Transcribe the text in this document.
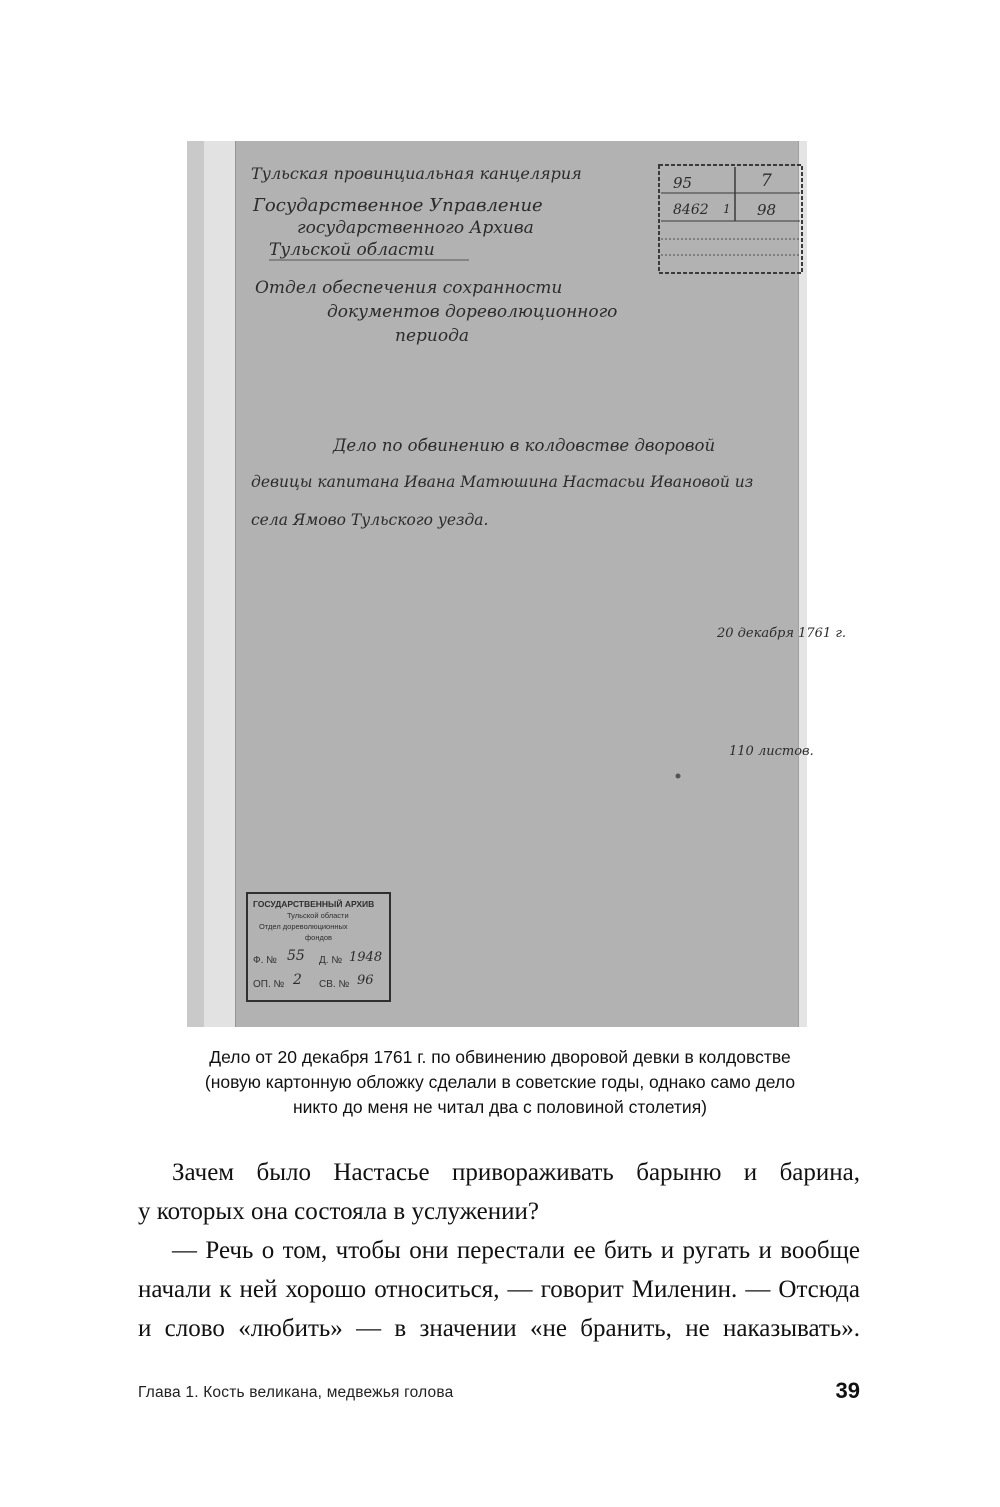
95	7
8462 1 98
Тульская провинциальная канцелярия
Государственное Управление
государственного Архива
Тульской области
Отдел обеспечения сохранности
документов дореволюционного
периода
Дело по обвинению в колдовстве дворовой
девицы капитана Ивана Матюшина Настасьи Ивановой из
села Ямово Тульского уезда.
20 декабря 1761 г.
110 листов.
ГОСУДАРСТВЕННЫЙ АРХИВ
Тульской области
Отдел дореволюционных
фондов
Ф. № 55 Д. № 1948
ОП. № 2 СВ. № 96
Дело от 20 декабря 1761 г. по обвинению дворовой девки в колдовстве
(новую картонную обложку сделали в советские годы, однако само дело
никто до меня не читал два с половиной столетия)
Зачем было Настасье привораживать барыню и барина,
у которых она состояла в услужении?
— Речь о том, чтобы они перестали ее бить и ругать и вообще
начали к ней хорошо относиться, — говорит Миленин. — Отсюда
и слово «любить» — в значении «не бранить, не наказывать».
Глава 1. Кость великана, медвежья голова	39
